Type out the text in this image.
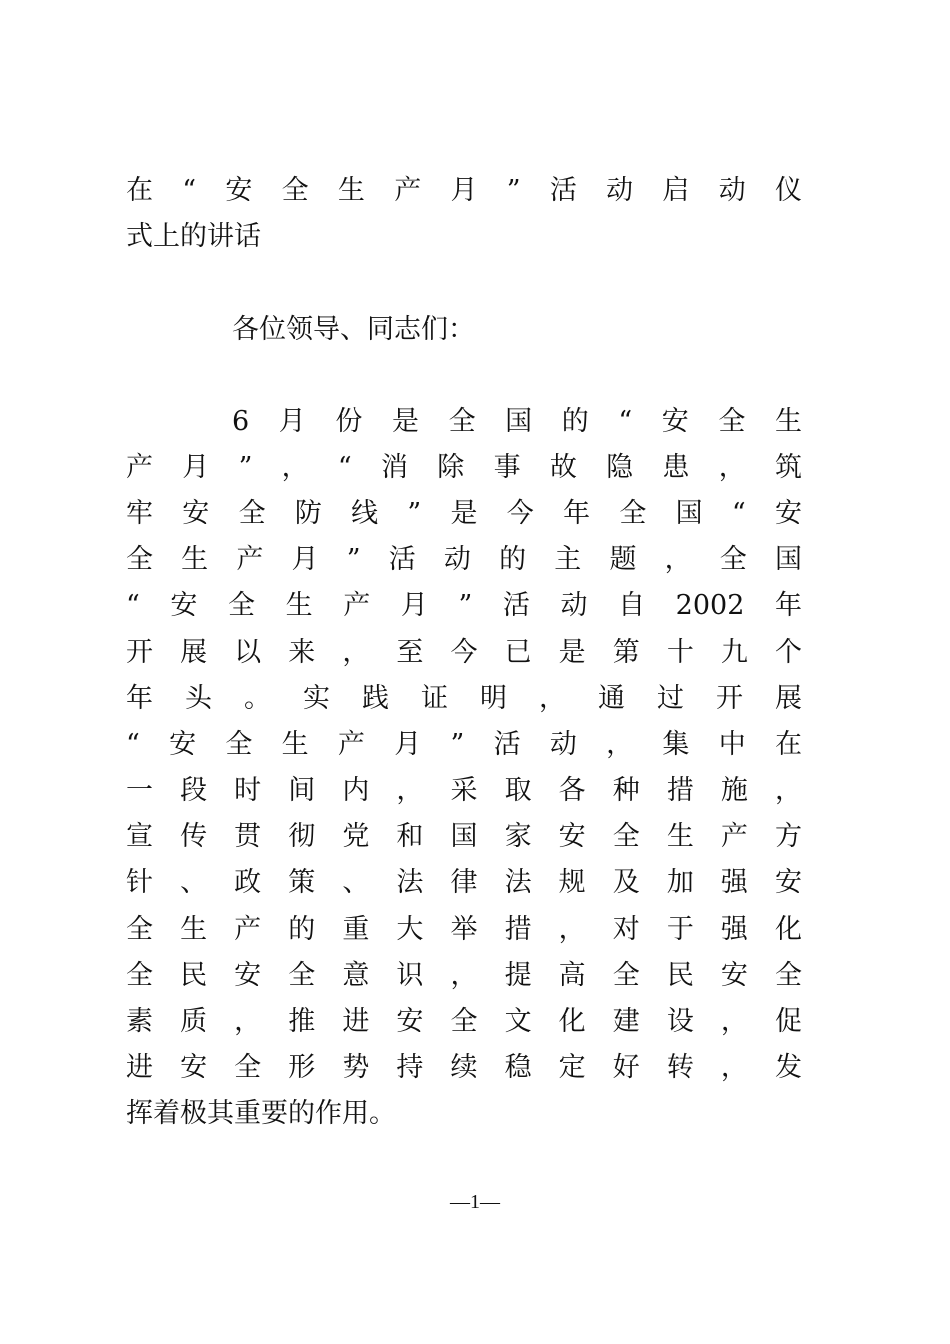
在“安全生产月”活动启动仪
式上的讲话
各位领导、同志们：
6月份是全国的“安全生
产月”，“消除事故隐患，筑
牢安全防线”是今年全国“安
全生产月”活动的主题，全国
“安全生产月”活动自2002年
开展以来，至今已是第十九个
年头。实践证明，通过开展
“安全生产月”活动，集中在
一段时间内，采取各种措施，
宣传贯彻党和国家安全生产方
针、政策、法律法规及加强安
全生产的重大举措，对于强化
全民安全意识，提高全民安全
素质，推进安全文化建设，促
进安全形势持续稳定好转，发
挥着极其重要的作用。
—1—
